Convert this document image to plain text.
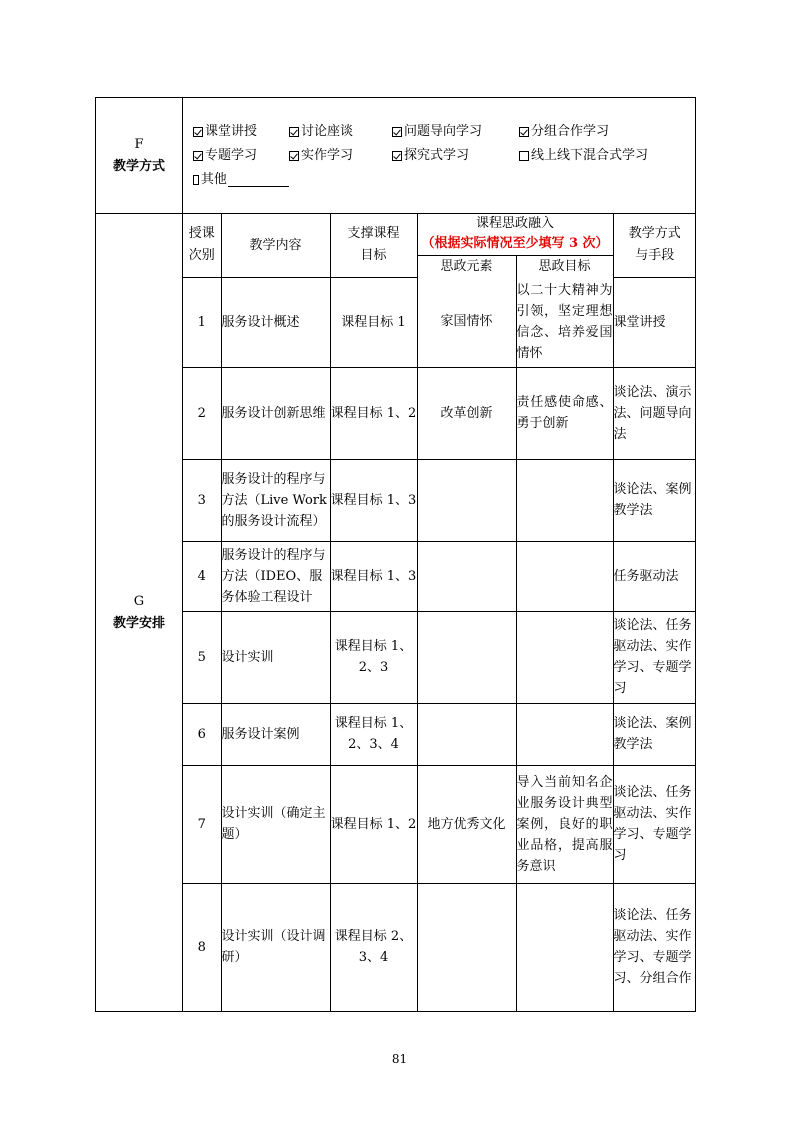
F
教学方式	
课堂讲授	讨论座谈	问题导向学习	分组合作学习
专题学习	实作学习	探究式学习	线上线下混合式学习
其他

G
教学安排	
授课次别	教学内容	支撑课程目标	课程思政融入
（根据实际情况至少填写 3 次）	教学方式与手段
思政元素	思政目标
1	服务设计概述	课程目标 1	家国情怀	以二十大精神为引领，坚定理想信念、培养爱国情怀	课堂讲授
2	服务设计创新思维	课程目标 1、2	改革创新	责任感使命感、勇于创新	谈论法、演示法、问题导向法
3	服务设计的程序与方法（Live Work 的服务设计流程）	课程目标 1、3			谈论法、案例教学法
4	服务设计的程序与方法（IDEO、服务体验工程设计	课程目标 1、3			任务驱动法
5	设计实训	课程目标 1、2、3			谈论法、任务驱动法、实作学习、专题学习
6	服务设计案例	课程目标 1、2、3、4			谈论法、案例教学法
7	设计实训（确定主题）	课程目标 1、2	地方优秀文化	导入当前知名企业服务设计典型案例，良好的职业品格，提高服务意识	谈论法、任务驱动法、实作学习、专题学习
8	设计实训（设计调研）	课程目标 2、3、4			谈论法、任务驱动法、实作学习、专题学习、分组合作
81
